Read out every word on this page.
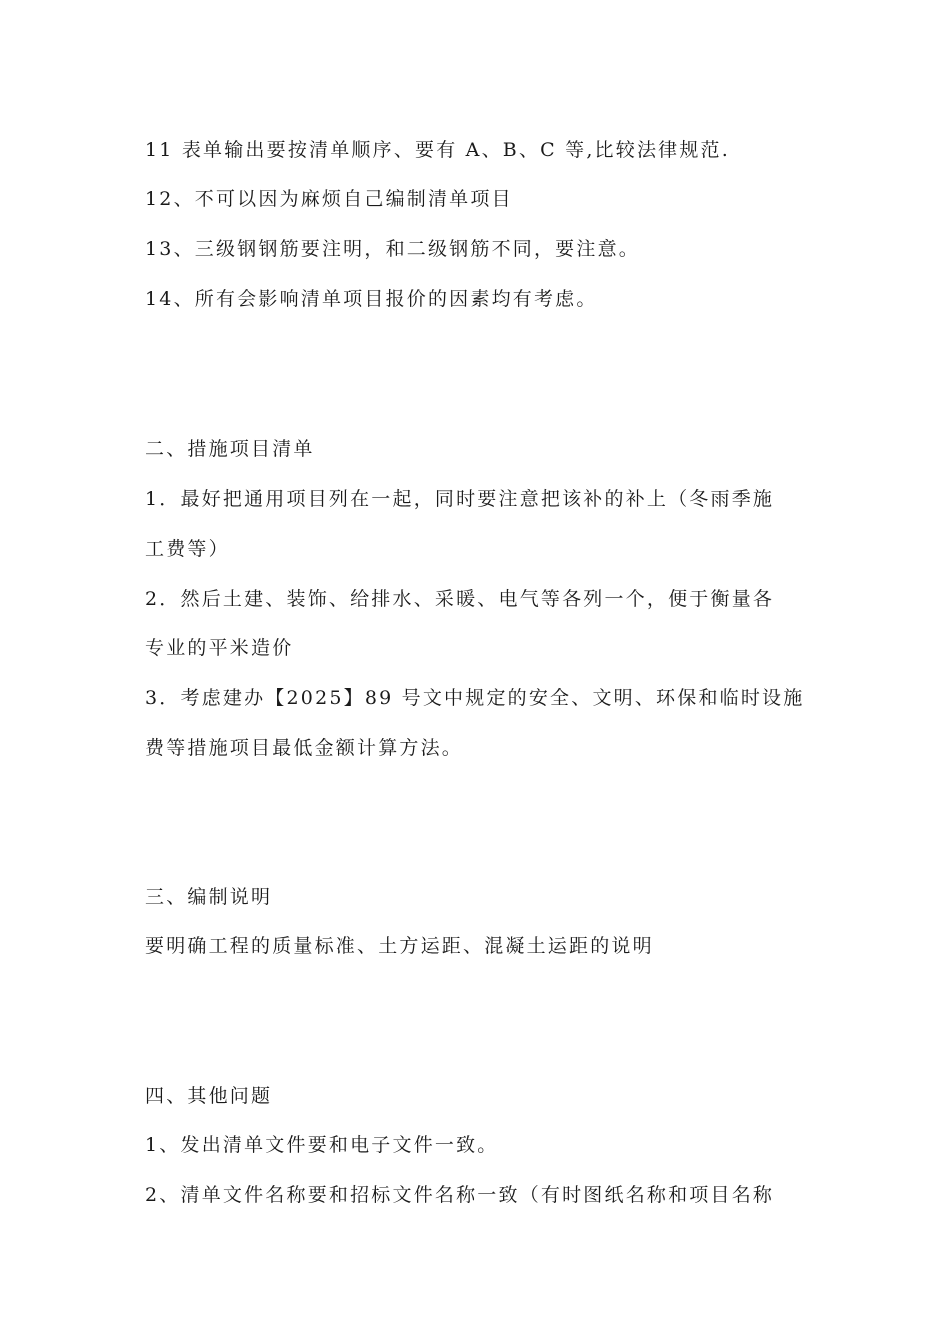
11 表单输出要按清单顺序、要有 A、B、C 等,比较法律规范.
12、不可以因为麻烦自己编制清单项目
13、三级钢钢筋要注明，和二级钢筋不同，要注意。
14、所有会影响清单项目报价的因素均有考虑。
二、措施项目清单
1．最好把通用项目列在一起，同时要注意把该补的补上（冬雨季施
工费等）
2．然后土建、装饰、给排水、采暖、电气等各列一个，便于衡量各
专业的平米造价
3．考虑建办【2025】89 号文中规定的安全、文明、环保和临时设施
费等措施项目最低金额计算方法。
三、编制说明
要明确工程的质量标准、土方运距、混凝土运距的说明
四、其他问题
1、发出清单文件要和电子文件一致。
2、清单文件名称要和招标文件名称一致（有时图纸名称和项目名称
